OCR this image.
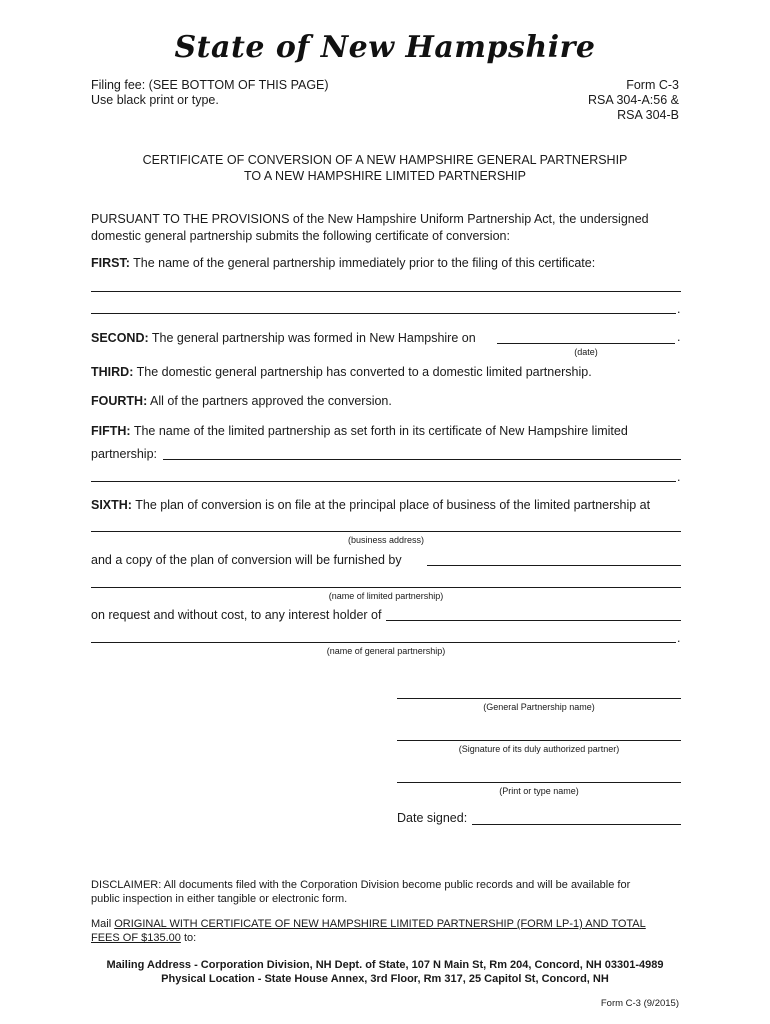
State of New Hampshire
Filing fee: (SEE BOTTOM OF THIS PAGE)
Use black print or type.
Form C-3
RSA 304-A:56 &
RSA 304-B
CERTIFICATE OF CONVERSION OF A NEW HAMPSHIRE GENERAL PARTNERSHIP
TO A NEW HAMPSHIRE LIMITED PARTNERSHIP
PURSUANT TO THE PROVISIONS of the New Hampshire Uniform Partnership Act, the undersigned
domestic general partnership submits the following certificate of conversion:
FIRST: The name of the general partnership immediately prior to the filing of this certificate:
.
SECOND: The general partnership was formed in New Hampshire on	.
(date)
THIRD: The domestic general partnership has converted to a domestic limited partnership.
FOURTH: All of the partners approved the conversion.
FIFTH: The name of the limited partnership as set forth in its certificate of New Hampshire limited
partnership:
.
SIXTH: The plan of conversion is on file at the principal place of business of the limited partnership at
(business address)
and a copy of the plan of conversion will be furnished by
(name of limited partnership)
on request and without cost, to any interest holder of
.
(name of general partnership)
(General Partnership name)
(Signature of its duly authorized partner)
(Print or type name)
Date signed:
DISCLAIMER: All documents filed with the Corporation Division become public records and will be available for
public inspection in either tangible or electronic form.
Mail ORIGINAL WITH CERTIFICATE OF NEW HAMPSHIRE LIMITED PARTNERSHIP (FORM LP-1) AND TOTAL
FEES OF $135.00 to:
Mailing Address - Corporation Division, NH Dept. of State, 107 N Main St, Rm 204, Concord, NH 03301-4989
Physical Location - State House Annex, 3rd Floor, Rm 317, 25 Capitol St, Concord, NH
Form C-3 (9/2015)
